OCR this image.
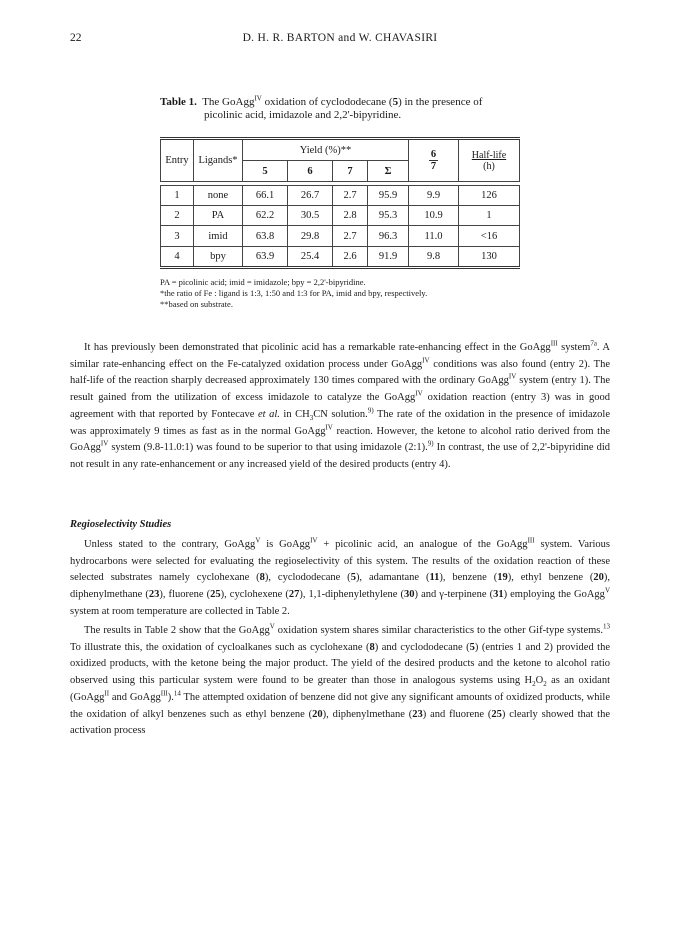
22	D. H. R. BARTON and W. CHAVASIRI
Table 1. The GoAgg$^{IV}$ oxidation of cyclododecane (5) in the presence of
picolinic acid, imidazole and 2,2'-bipyridine.
Entry	Ligands*	Yield (%)**				$\frac{6}{7}$	Half-life
(h)
		5	6	7	Σ		

1	none	66.1	26.7	2.7	95.9	9.9	126
2	PA	62.2	30.5	2.8	95.3	10.9	1
3	imid	63.8	29.8	2.7	96.3	11.0	<16
4	bpy	63.9	25.4	2.6	91.9	9.8	130
PA = picolinic acid; imid = imidazole; bpy = 2,2'-bipyridine.
*the ratio of Fe : ligand is 1:3, 1:50 and 1:3 for PA, imid and bpy, respectively.
**based on substrate.

It has previously been demonstrated that picolinic acid has a remarkable rate-enhancing effect in the GoAgg$^{III}$ system$^{7a}$. A similar rate-enhancing effect on the Fe-catalyzed oxidation process under GoAgg$^{IV}$ conditions was also found (entry 2). The half-life of the reaction sharply decreased approximately 130 times compared with the ordinary GoAgg$^{IV}$ system (entry 1). The result gained from the utilization of excess imidazole to catalyze the GoAgg$^{IV}$ oxidation reaction (entry 3) was in good agreement with that reported by Fontecave et al. in $CH_3CN$ solution.$^{9)}$ The rate of the oxidation in the presence of imidazole was approximately 9 times as fast as in the normal GoAgg$^{IV}$ reaction. However, the ketone to alcohol ratio derived from the GoAgg$^{IV}$ system (9.8-11.0:1) was found to be superior to that using imidazole (2:1).$^{9)}$ In contrast, the use of 2,2'-bipyridine did not result in any rate-enhancement or any increased yield of the desired products (entry 4).

Regioselectivity Studies

Unless stated to the contrary, GoAgg$^V$ is GoAgg$^{IV}$ + picolinic acid, an analogue of the GoAgg$^{III}$ system. Various hydrocarbons were selected for evaluating the regioselectivity of this system. The results of the oxidation reaction of these selected substrates namely cyclohexane (8), cyclododecane (5), adamantane (11), benzene (19), ethyl benzene (20), diphenylmethane (23), fluorene (25), cyclohexene (27), 1,1-diphenylethylene (30) and γ-terpinene (31) employing the GoAgg$^V$ system at room temperature are collected in Table 2.

The results in Table 2 show that the GoAgg$^V$ oxidation system shares similar characteristics to the other Gif-type systems.$^{13}$ To illustrate this, the oxidation of cycloalkanes such as cyclohexane (8) and cyclododecane (5) (entries 1 and 2) provided the oxidized products, with the ketone being the major product. The yield of the desired products and the ketone to alcohol ratio observed using this particular system were found to be greater than those in analogous systems using $H_2O_2$ as an oxidant (GoAgg$^{II}$ and GoAgg$^{III}$).$^{14}$ The attempted oxidation of benzene did not give any significant amounts of oxidized products, while the oxidation of alkyl benzenes such as ethyl benzene (20), diphenylmethane (23) and fluorene (25) clearly showed that the activation process
